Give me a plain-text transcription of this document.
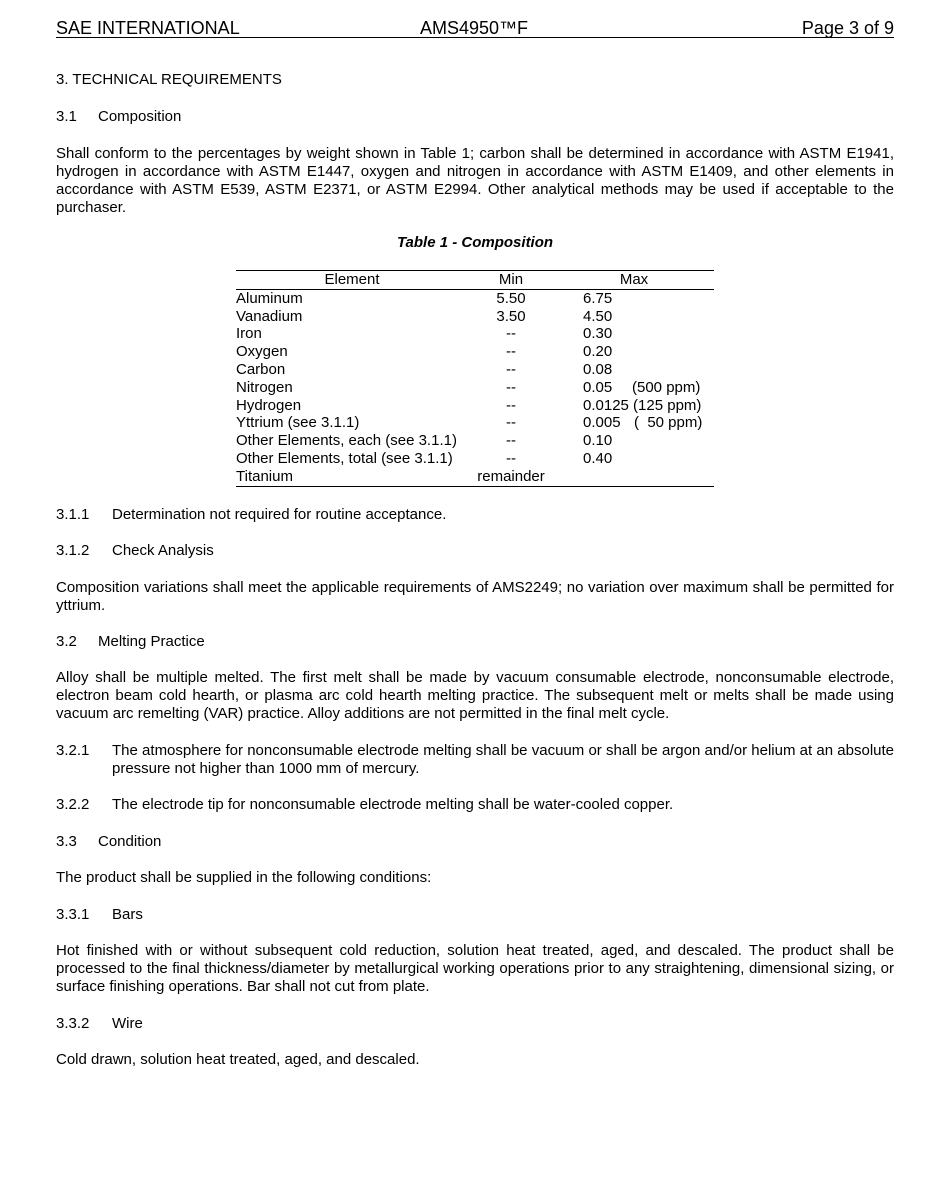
SAE INTERNATIONAL	AMS4950™F	Page 3 of 9
3. TECHNICAL REQUIREMENTS
3.1 Composition
Shall conform to the percentages by weight shown in Table 1; carbon shall be determined in accordance with ASTM E1941, hydrogen in accordance with ASTM E1447, oxygen and nitrogen in accordance with ASTM E1409, and other elements in accordance with ASTM E539, ASTM E2371, or ASTM E2994. Other analytical methods may be used if acceptable to the purchaser.
Table 1 - Composition
Element	Min	Max
Aluminum	5.50	6.75
Vanadium	3.50	4.50
Iron	--	0.30
Oxygen	--	0.20
Carbon	--	0.08
Nitrogen	--	0.05 (500 ppm)
Hydrogen	--	0.0125 (125 ppm)
Yttrium (see 3.1.1)	--	0.005 (  50 ppm)
Other Elements, each (see 3.1.1)	--	0.10
Other Elements, total (see 3.1.1)	--	0.40
Titanium	remainder
3.1.1 Determination not required for routine acceptance.
3.1.2 Check Analysis
Composition variations shall meet the applicable requirements of AMS2249; no variation over maximum shall be permitted for yttrium.
3.2 Melting Practice
Alloy shall be multiple melted. The first melt shall be made by vacuum consumable electrode, nonconsumable electrode, electron beam cold hearth, or plasma arc cold hearth melting practice. The subsequent melt or melts shall be made using vacuum arc remelting (VAR) practice. Alloy additions are not permitted in the final melt cycle.
3.2.1 The atmosphere for nonconsumable electrode melting shall be vacuum or shall be argon and/or helium at an absolute pressure not higher than 1000 mm of mercury.
3.2.2 The electrode tip for nonconsumable electrode melting shall be water-cooled copper.
3.3 Condition
The product shall be supplied in the following conditions:
3.3.1 Bars
Hot finished with or without subsequent cold reduction, solution heat treated, aged, and descaled. The product shall be processed to the final thickness/diameter by metallurgical working operations prior to any straightening, dimensional sizing, or surface finishing operations. Bar shall not cut from plate.
3.3.2 Wire
Cold drawn, solution heat treated, aged, and descaled.
